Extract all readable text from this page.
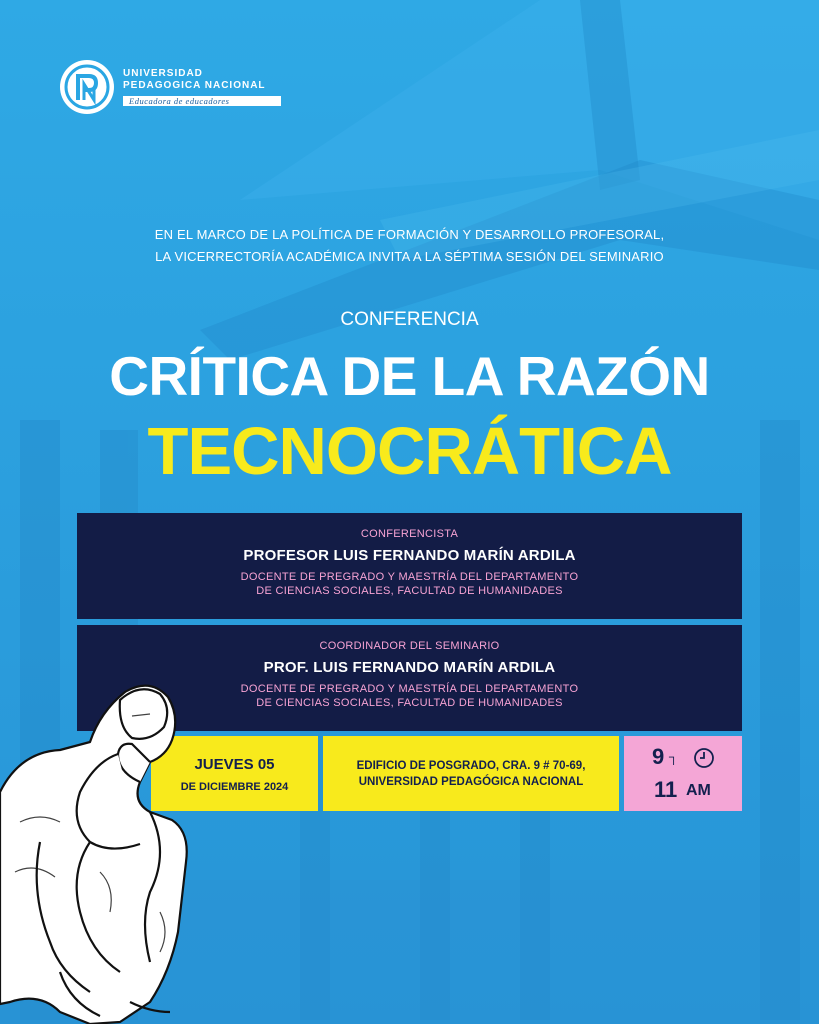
UNIVERSIDAD PEDAGOGICA NACIONAL
Educadora de educadores
EN EL MARCO DE LA POLÍTICA DE FORMACIÓN Y DESARROLLO PROFESORAL,
LA VICERRECTORÍA ACADÉMICA INVITA A LA SÉPTIMA SESIÓN DEL SEMINARIO
CONFERENCIA
CRÍTICA DE LA RAZÓN
TECNOCRÁTICA
CONFERENCISTA
PROFESOR LUIS FERNANDO MARÍN ARDILA
DOCENTE DE PREGRADO Y MAESTRÍA DEL DEPARTAMENTO
DE CIENCIAS SOCIALES, FACULTAD DE HUMANIDADES
COORDINADOR DEL SEMINARIO
PROF. LUIS FERNANDO MARÍN ARDILA
DOCENTE DE PREGRADO Y MAESTRÍA DEL DEPARTAMENTO
DE CIENCIAS SOCIALES, FACULTAD DE HUMANIDADES
JUEVES 05
DE DICIEMBRE 2024
EDIFICIO DE POSGRADO, CRA. 9 # 70-69,
UNIVERSIDAD PEDAGÓGICA NACIONAL
9 ┐
11 AM
